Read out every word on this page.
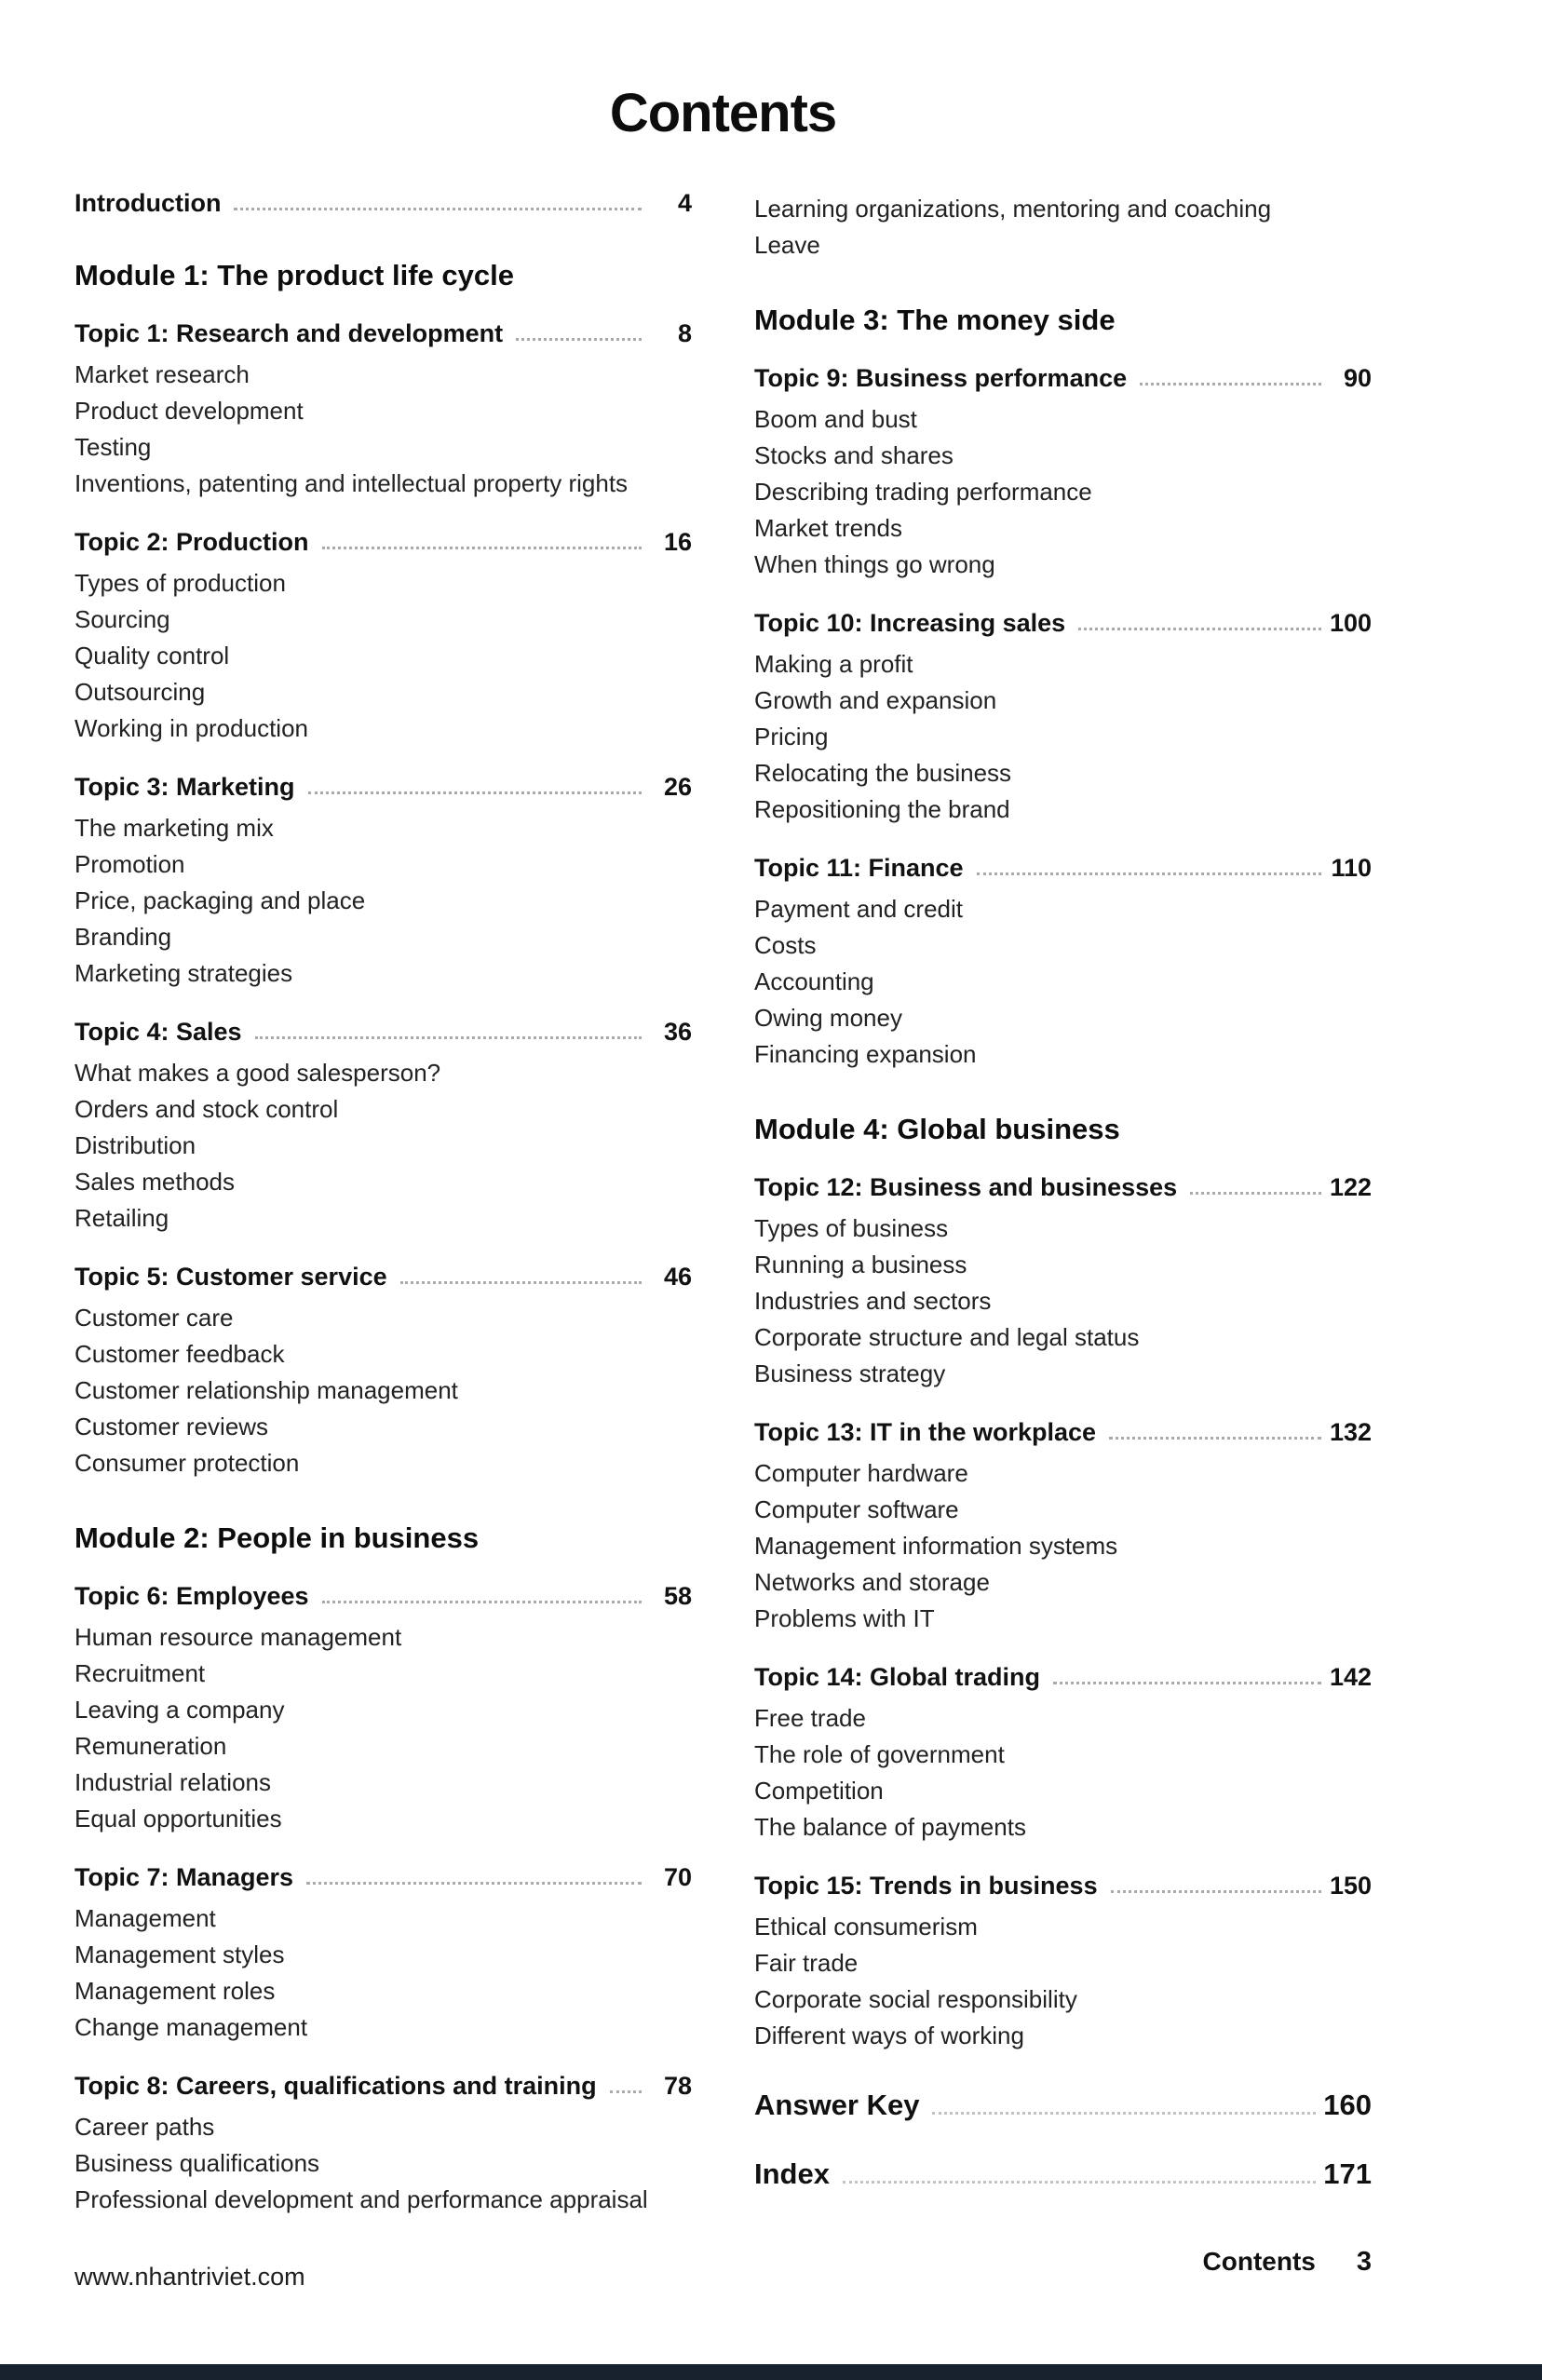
Contents
Introduction	4
Module 1: The product life cycle
Topic 1: Research and development	8
Market research
Product development
Testing
Inventions, patenting and intellectual property rights
Topic 2: Production	16
Types of production
Sourcing
Quality control
Outsourcing
Working in production
Topic 3: Marketing	26
The marketing mix
Promotion
Price, packaging and place
Branding
Marketing strategies
Topic 4: Sales	36
What makes a good salesperson?
Orders and stock control
Distribution
Sales methods
Retailing
Topic 5: Customer service	46
Customer care
Customer feedback
Customer relationship management
Customer reviews
Consumer protection
Module 2: People in business
Topic 6: Employees	58
Human resource management
Recruitment
Leaving a company
Remuneration
Industrial relations
Equal opportunities
Topic 7: Managers	70
Management
Management styles
Management roles
Change management
Topic 8: Careers, qualifications and training	78
Career paths
Business qualifications
Professional development and performance appraisal
Learning organizations, mentoring and coaching
Leave
Module 3: The money side
Topic 9: Business performance	90
Boom and bust
Stocks and shares
Describing trading performance
Market trends
When things go wrong
Topic 10: Increasing sales	100
Making a profit
Growth and expansion
Pricing
Relocating the business
Repositioning the brand
Topic 11: Finance	110
Payment and credit
Costs
Accounting
Owing money
Financing expansion
Module 4: Global business
Topic 12: Business and businesses	122
Types of business
Running a business
Industries and sectors
Corporate structure and legal status
Business strategy
Topic 13: IT in the workplace	132
Computer hardware
Computer software
Management information systems
Networks and storage
Problems with IT
Topic 14: Global trading	142
Free trade
The role of government
Competition
The balance of payments
Topic 15: Trends in business	150
Ethical consumerism
Fair trade
Corporate social responsibility
Different ways of working
Answer Key	160
Index	171
www.nhantriviet.com
Contents 3
